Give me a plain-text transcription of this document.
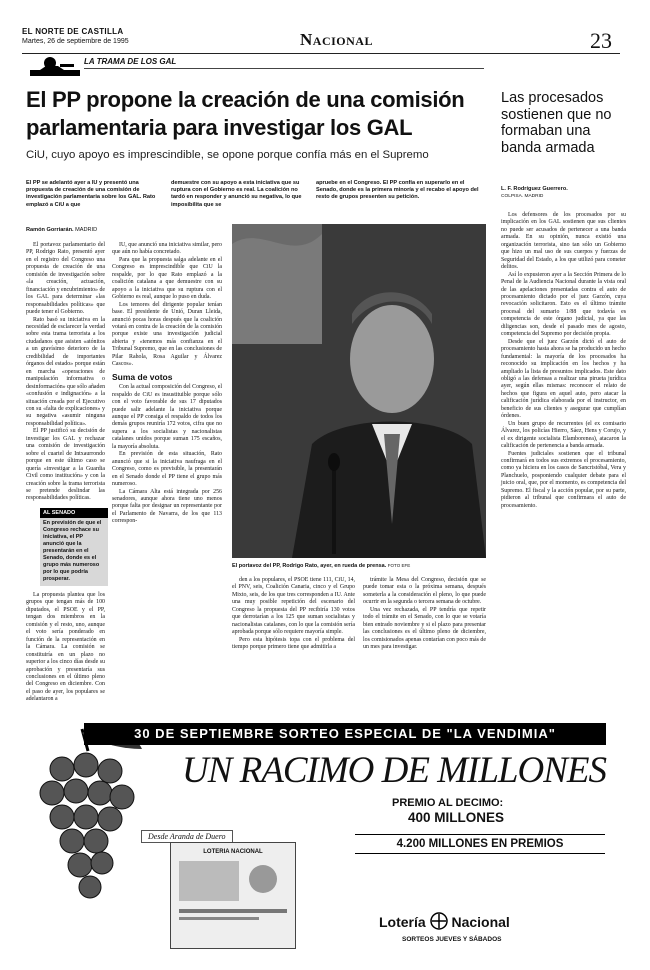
EL NORTE DE CASTILLA
Martes, 26 de septiembre de 1995	Nacional	23
LA TRAMA DE LOS GAL
El PP propone la creación de una comisión parlamentaria para investigar los GAL
CiU, cuyo apoyo es imprescindible, se opone porque confía más en el Supremo
Las procesados sostienen que no formaban una banda armada
El PP se adelantó ayer a IU y presentó una propuesta de creación de una comisión de investigación parlamentaria sobre los GAL. Rato emplazó a CiU a que
demuestre con su apoyo a esta iniciativa que su ruptura con el Gobierno es real. La coalición no tardó en responder y anunció su negativa, lo que imposibilita que se
apruebe en el Congreso. El PP confía en superarlo en el Senado, donde es la primera minoría y el recabo el apoyo del resto de grupos presenten su petición.
Ramón Gorriarán. MADRID

El portavoz parlamentario del PP, Rodrigo Rato, presentó ayer en el registro del Congreso una propuesta de creación de una comisión de investigación sobre «la creación, actuación, financiación y encubrimiento» de los GAL para determinar «las responsabilidades políticas» que puede tener el Gobierno.

Rato basó su iniciativa en la necesidad de esclarecer la verdad sobre esta trama terrorista a los ciudadanos que asisten «atónitos a un gravísimo deterioro de la credibilidad de importantes órganos del estado» porque están en marcha «operaciones de manipulación informativa o desinformación» que sólo añaden «confusión e indignación» a la situación creada por el Ejecutivo con su «falta de explicaciones» y su negativa «asumir ninguna responsabilidad política».

El PP justificó su decisión de investigar los GAL y rechazar una comisión de investigación sobre el cuartel de Intxaurrondo porque en este último caso se quería «investigar a la Guardia Civil como institución» y con la creación sobre la trama terrorista se pretende deslindar las responsabilidades políticas.

La propuesta plantea que los grupos que tengan más de 100 diputados, el PSOE y el PP, tengan dos miembros en la comisión y el resto, uno, aunque el voto sería ponderado en función de la representación en la Cámara. La comisión se constituiría en un plazo no superior a los cinco días desde su aprobación y presentaría sus conclusiones en el último pleno del Congreso en diciembre. Con el paso de ayer, los populares se adelantaron a

AL SENADO
En previsión de que el Congreso rechace su iniciativa, el PP anunció que la presentarán en el Senado, donde es el grupo más numeroso por lo que podría prosperar.

IU, que anunció una iniciativa similar, pero que aún no había concretado.

Para que la propuesta salga adelante en el Congreso es imprescindible que CiU la respalde, por lo que Rato emplazó a la coalición catalana a que demuestre con su apoyo a la iniciativa que su ruptura con el Gobierno es real, aunque lo puso en duda.

Los temores del dirigente popular tenían base. El presidente de Unió, Duran Lleida, anunció pocas horas después que la coalición votará en contra de la creación de la comisión porque existe una investigación judicial abierta y «tenemos más confianza en el Tribunal Supremo, que en las conclusiones de Pilar Rahola, Rosa Aguilar y Álvarez Cascos».

Suma de votos

Con la actual composición del Congreso, el respaldo de CiU es insustituible porque sólo con el voto favorable de sus 17 diputados puede salir adelante la iniciativa porque aunque el PP consiga el respaldo de todos los demás grupos reuniría 172 votos, cifra que no supera a los socialistas y nacionalistas catalanes unidos porque suman 175 escaños, la mayoría absoluta.

En previsión de esta situación, Rato anunció que si la iniciativa naufraga en el Congreso, como es previsible, la presentarán en el Senado donde el PP tiene el grupo más numeroso.

La Cámara Alta está integrada por 256 senadores, aunque ahora tiene uno menos porque falta por designar un representante por el Parlamento de Navarra, de los que 113 correspon-

El portavoz del PP, Rodrigo Rato, ayer, en rueda de prensa. FOTO EFE

den a los populares, el PSOE tiene 111, CiU, 14, el PNV, seis, Coalición Canaria, cinco y el Grupo Mixto, seis, de los que tres corresponden a IU. Ante una muy posible repetición del escenario del Congreso la propuesta del PP recibiría 130 votos que derrotarían a los 125 que suman socialistas y nacionalistas catalanes, con lo que la comisión sería aprobada porque sólo requiere mayoría simple.

Pero esta hipótesis topa con el problema del tiempo porque primero tiene que admitirla a

trámite la Mesa del Congreso, decisión que se puede tomar esta o la próxima semana, después someterla a la consideración el pleno, lo que puede ocurrir en la segunda o tercera semana de octubre.

Una vez rechazada, el PP tendría que repetir todo el trámite en el Senado, con lo que se votaría bien entrado noviembre y si el plazo para presentar las conclusiones es el último pleno de diciembre, los comisionados apenas contarían con poco más de un mes para investigar.

L. F. Rodríguez Guerrero.
COLPISA. MADRID

Los defensores de los procesados por su implicación en los GAL sostienen que sus clientes no puede ser acusados de pertenecer a una banda armada. En su opinión, nunca existió una organización terrorista, sino tan sólo un Gobierno que hizo un mal uso de sus cuerpos y fuerzas de Seguridad del Estado, a los que utilizó para cometer delitos.

Así lo expusieron ayer a la Sección Primera de lo Penal de la Audiencia Nacional durante la vista oral de las apelaciones presentadas contra el auto de procesamiento dictado por el juez Garzón, cuya revocación solicitaron. Esto es el último trámite procesal del sumario 1/88 que todavía es competencia de este órgano judicial, ya que las diligencias son, desde el pasado mes de agosto, competencia del Supremo por decisión propia.

Desde que el juez Garzón dictó el auto de procesamiento hasta ahora se ha producido un hecho fundamental: la mayoría de los procesados ha reconocido su implicación en los hechos y ha ampliado la lista de presuntos implicados. Este dato obligó a las defensas a realizar una pirueta jurídica ayer, según ellas mismas: reconocer el relato de hechos que figura en aquel auto, pero atacar la calificación jurídica elaborada por el instructor, en beneficio de sus clientes y asegurar que cumplían órdenes.

Un buen grupo de recurrentes (el ex comisario Álvarez, los policías Hierro, Sáez, Hens y Corujo, y el ex dirigente socialista Elamborenea), atacaron la calificación de pertenencia a banda armada.

Fuentes judiciales sostienen que el tribunal confirmará en todos sus extremos el procesamiento, como ya hiciera en los casos de Sancristóbal, Vera y Planchuelo, posponiendo cualquier debate para el juicio oral, que, por el momento, es competencia del Supremo. El fiscal y la acción popular, por su parte, pidieron al tribunal que confirmara el auto de procesamiento.

30 DE SEPTIEMBRE SORTEO ESPECIAL DE "LA VENDIMIA"
UN RACIMO DE MILLONES
PREMIO AL DECIMO:
400 MILLONES
4.200 MILLONES EN PREMIOS
Desde Aranda de Duero
LOTERIA NACIONAL
Lotería Nacional
SORTEOS JUEVES Y SÁBADOS
